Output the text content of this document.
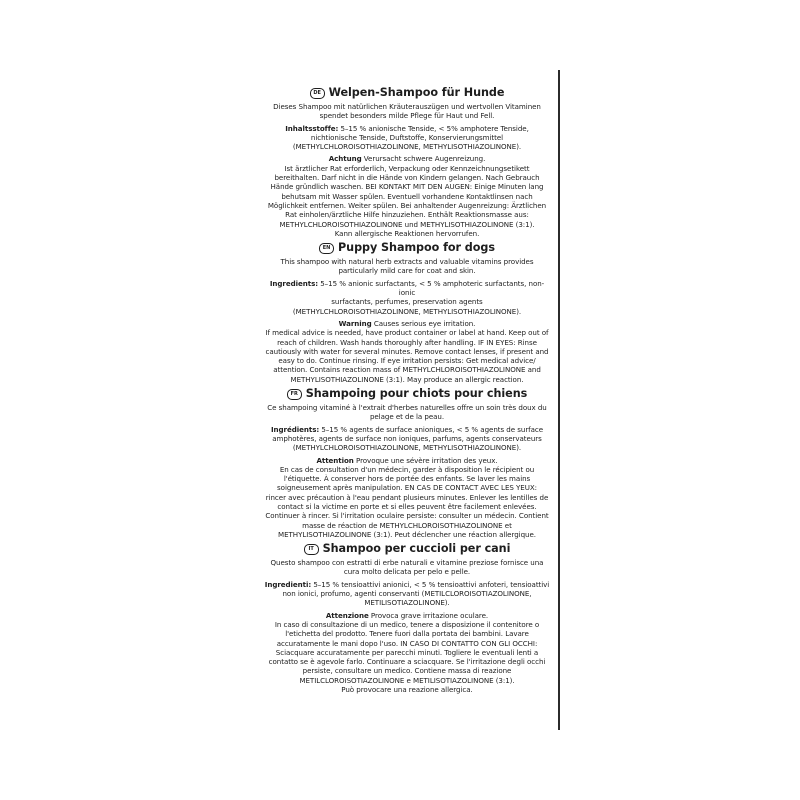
DE Welpen-Shampoo für Hunde

Dieses Shampoo mit natürlichen Kräuterauszügen und wertvollen Vitaminen
spendet besonders milde Pflege für Haut und Fell.

Inhaltsstoffe: 5–15 % anionische Tenside, < 5% amphotere Tenside,
nichtionische Tenside, Duftstoffe, Konservierungsmittel
(METHYLCHLOROISOTHIAZOLINONE, METHYLISOTHIAZOLINONE).

Achtung Verursacht schwere Augenreizung.
Ist ärztlicher Rat erforderlich, Verpackung oder Kennzeichnungsetikett
bereithalten. Darf nicht in die Hände von Kindern gelangen. Nach Gebrauch
Hände gründlich waschen. BEI KONTAKT MIT DEN AUGEN: Einige Minuten lang
behutsam mit Wasser spülen. Eventuell vorhandene Kontaktlinsen nach
Möglichkeit entfernen. Weiter spülen. Bei anhaltender Augenreizung: Ärztlichen
Rat einholen/ärztliche Hilfe hinzuziehen. Enthält Reaktionsmasse aus:
METHYLCHLOROISOTHIAZOLINONE und METHYLISOTHIAZOLINONE (3:1).
Kann allergische Reaktionen hervorrufen.

EN Puppy Shampoo for dogs

This shampoo with natural herb extracts and valuable vitamins provides
particularly mild care for coat and skin.

Ingredients: 5–15 % anionic surfactants, < 5 % amphoteric surfactants, non-ionic
surfactants, perfumes, preservation agents
(METHYLCHLOROISOTHIAZOLINONE, METHYLISOTHIAZOLINONE).

Warning Causes serious eye irritation.
If medical advice is needed, have product container or label at hand. Keep out of
reach of children. Wash hands thoroughly after handling. IF IN EYES: Rinse
cautiously with water for several minutes. Remove contact lenses, if present and
easy to do. Continue rinsing. If eye irritation persists: Get medical advice/
attention. Contains reaction mass of METHYLCHLOROISOTHIAZOLINONE and
METHYLISOTHIAZOLINONE (3:1). May produce an allergic reaction.

FR Shampoing pour chiots pour chiens

Ce shampoing vitaminé à l'extrait d'herbes naturelles offre un soin très doux du
pelage et de la peau.

Ingrédients: 5–15 % agents de surface anioniques, < 5 % agents de surface
amphotères, agents de surface non ioniques, parfums, agents conservateurs
(METHYLCHLOROISOTHIAZOLINONE, METHYLISOTHIAZOLINONE).

Attention Provoque une sévère irritation des yeux.
En cas de consultation d'un médecin, garder à disposition le récipient ou
l'étiquette. À conserver hors de portée des enfants. Se laver les mains
soigneusement après manipulation. EN CAS DE CONTACT AVEC LES YEUX:
rincer avec précaution à l'eau pendant plusieurs minutes. Enlever les lentilles de
contact si la victime en porte et si elles peuvent être facilement enlevées.
Continuer à rincer. Si l'irritation oculaire persiste: consulter un médecin. Contient
masse de réaction de METHYLCHLOROISOTHIAZOLINONE et
METHYLISOTHIAZOLINONE (3:1). Peut déclencher une réaction allergique.

IT Shampoo per cuccioli per cani

Questo shampoo con estratti di erbe naturali e vitamine preziose fornisce una
cura molto delicata per pelo e pelle.

Ingredienti: 5–15 % tensioattivi anionici, < 5 % tensioattivi anfoteri, tensioattivi
non ionici, profumo, agenti conservanti (METILCLOROISOTIAZOLINONE,
METILISOTIAZOLINONE).

Attenzione Provoca grave irritazione oculare.
In caso di consultazione di un medico, tenere a disposizione il contenitore o
l'etichetta del prodotto. Tenere fuori dalla portata dei bambini. Lavare
accuratamente le mani dopo l'uso. IN CASO DI CONTATTO CON GLI OCCHI:
Sciacquare accuratamente per parecchi minuti. Togliere le eventuali lenti a
contatto se è agevole farlo. Continuare a sciacquare. Se l'irritazione degli occhi
persiste, consultare un medico. Contiene massa di reazione
METILCLOROISOTIAZOLINONE e METILISOTIAZOLINONE (3:1).
Può provocare una reazione allergica.
